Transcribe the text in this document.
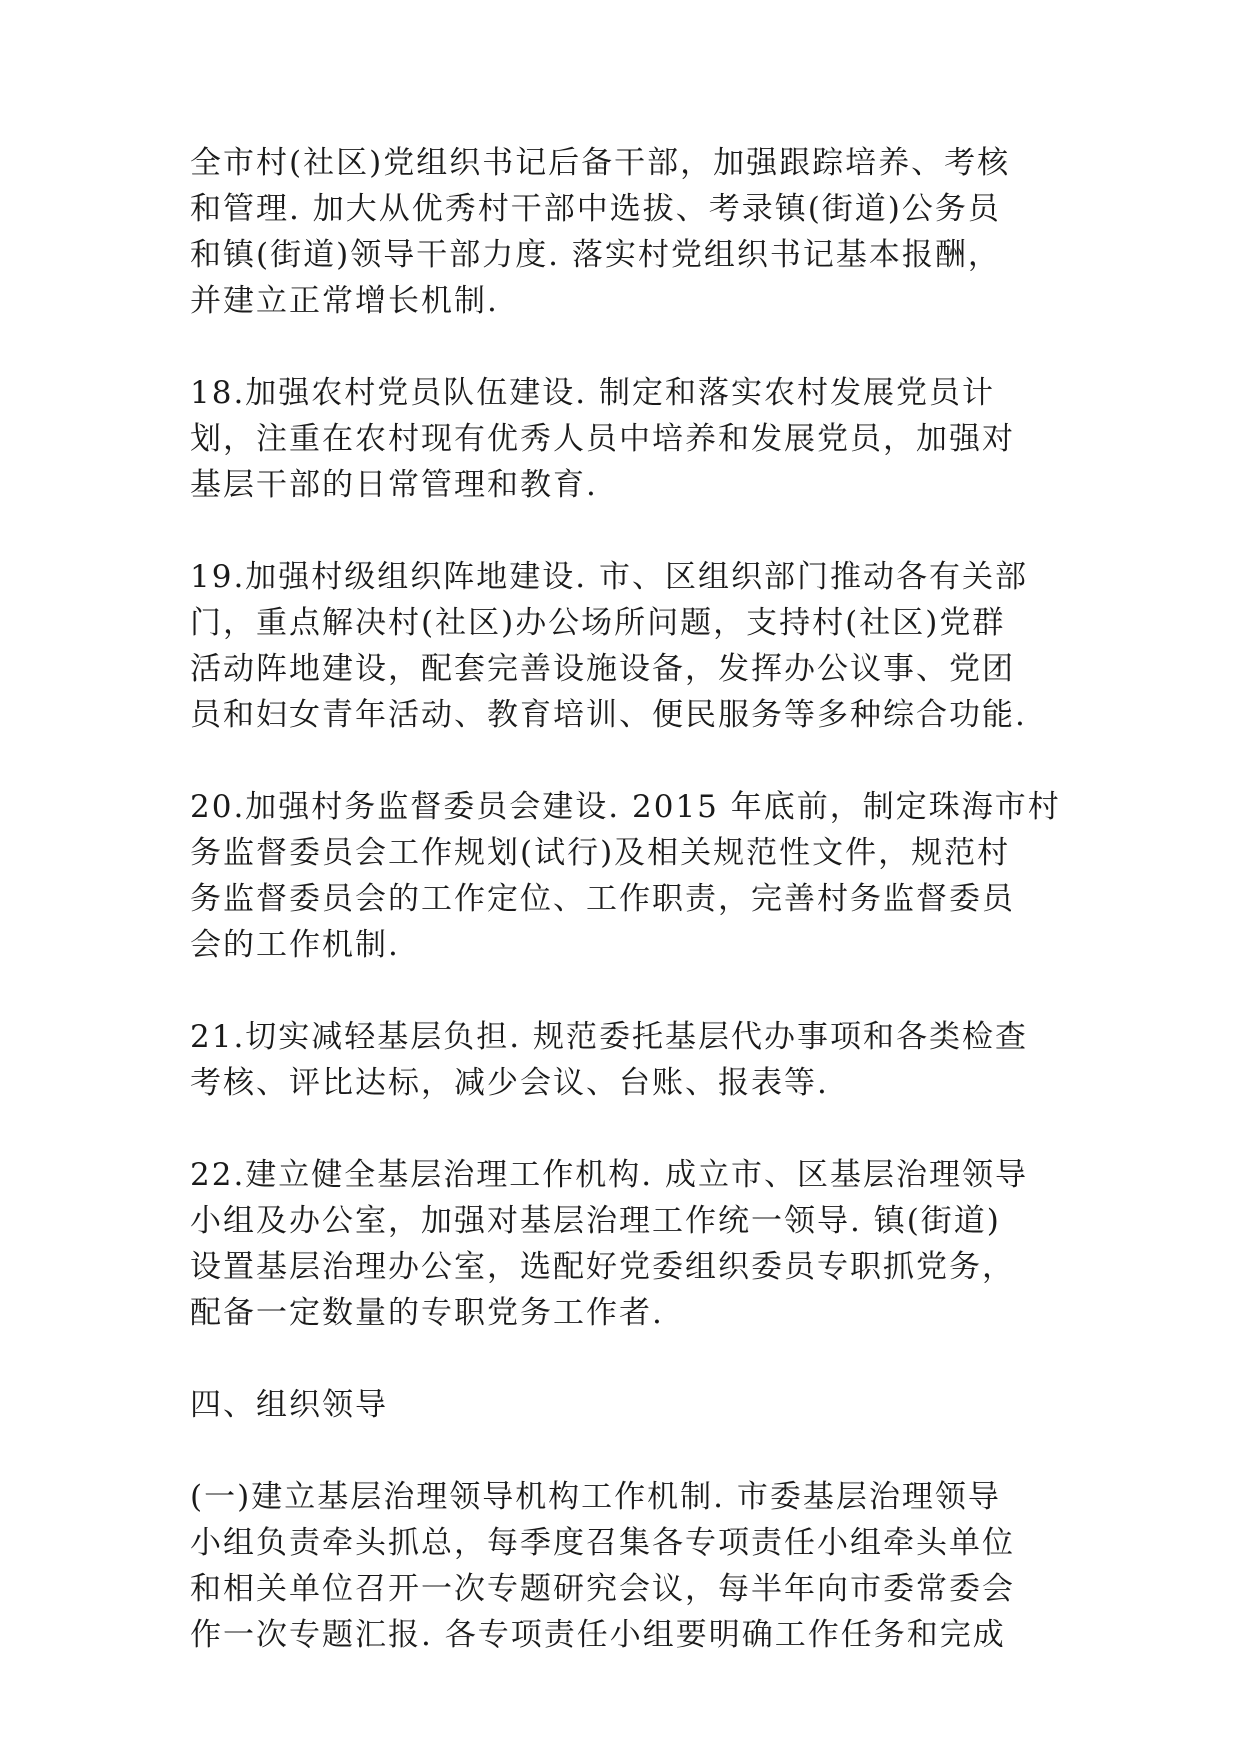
全市村(社区)党组织书记后备干部，加强跟踪培养、考核
和管理. 加大从优秀村干部中选拔、考录镇(街道)公务员
和镇(街道)领导干部力度. 落实村党组织书记基本报酬，
并建立正常增长机制.

18.加强农村党员队伍建设. 制定和落实农村发展党员计
划，注重在农村现有优秀人员中培养和发展党员，加强对
基层干部的日常管理和教育.

19.加强村级组织阵地建设. 市、区组织部门推动各有关部
门，重点解决村(社区)办公场所问题，支持村(社区)党群
活动阵地建设，配套完善设施设备，发挥办公议事、党团
员和妇女青年活动、教育培训、便民服务等多种综合功能.

20.加强村务监督委员会建设. 2015 年底前，制定珠海市村
务监督委员会工作规划(试行)及相关规范性文件，规范村
务监督委员会的工作定位、工作职责，完善村务监督委员
会的工作机制.

21.切实减轻基层负担. 规范委托基层代办事项和各类检查
考核、评比达标，减少会议、台账、报表等.

22.建立健全基层治理工作机构. 成立市、区基层治理领导
小组及办公室，加强对基层治理工作统一领导. 镇(街道)
设置基层治理办公室，选配好党委组织委员专职抓党务，
配备一定数量的专职党务工作者.

四、组织领导

(一)建立基层治理领导机构工作机制. 市委基层治理领导
小组负责牵头抓总，每季度召集各专项责任小组牵头单位
和相关单位召开一次专题研究会议，每半年向市委常委会
作一次专题汇报. 各专项责任小组要明确工作任务和完成
